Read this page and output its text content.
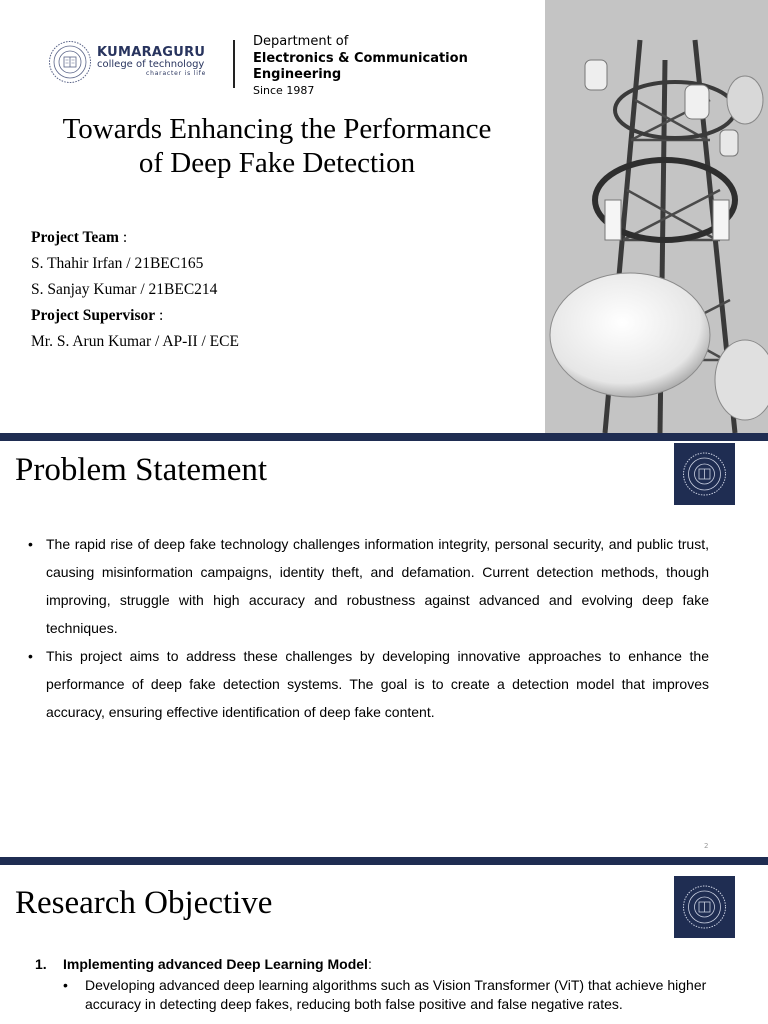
KUMARAGURU
college of technology
character is life
Department of
Electronics & Communication Engineering
Since 1987
Towards Enhancing the Performance
of Deep Fake Detection
Project Team :
S. Thahir Irfan / 21BEC165
S. Sanjay Kumar / 21BEC214
Project Supervisor :
Mr. S. Arun Kumar / AP-II / ECE
Problem Statement
• The rapid rise of deep fake technology challenges information integrity, personal security, and public trust, causing misinformation campaigns, identity theft, and defamation. Current detection methods, though improving, struggle with high accuracy and robustness against advanced and evolving deep fake techniques.
• This project aims to address these challenges by developing innovative approaches to enhance the performance of deep fake detection systems. The goal is to create a detection model that improves accuracy, ensuring effective identification of deep fake content.
2
Research Objective
1.	Implementing advanced Deep Learning Model:
•	Developing advanced deep learning algorithms such as Vision Transformer (ViT) that achieve higher accuracy in detecting deep fakes, reducing both false positive and false negative rates.
